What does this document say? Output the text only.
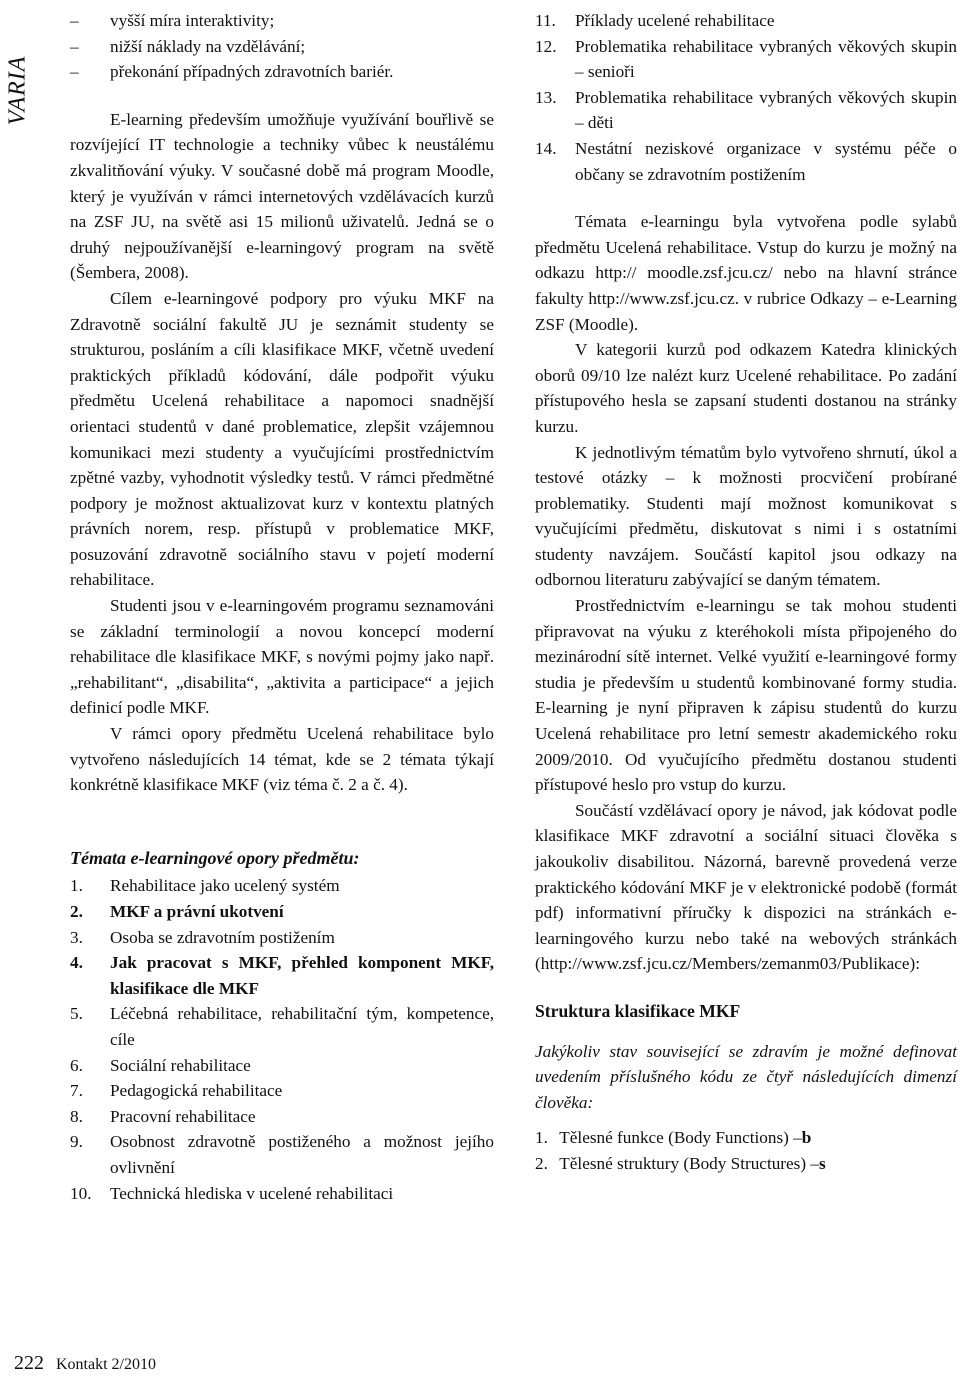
VARIA
–	vyšší míra interaktivity;
–	nižší náklady na vzdělávání;
–	překonání případných zdravotních bariér.

E-learning především umožňuje využívání bouřlivě se rozvíjející IT technologie a techniky vůbec k neustálému zkvalitňování výuky. V současné době má program Moodle, který je využíván v rámci internetových vzdělávacích kurzů na ZSF JU, na světě asi 15 milionů uživatelů. Jedná se o druhý nejpoužívanější e-learningový program na světě (Šembera, 2008).

Cílem e-learningové podpory pro výuku MKF na Zdravotně sociální fakultě JU je seznámit studenty se strukturou, posláním a cíli klasifikace MKF, včetně uvedení praktických příkladů kódování, dále podpořit výuku předmětu Ucelená rehabilitace a napomoci snadnější orientaci studentů v dané problematice, zlepšit vzájemnou komunikaci mezi studenty a vyučujícími prostřednictvím zpětné vazby, vyhodnotit výsledky testů. V rámci předmětné podpory je možnost aktualizovat kurz v kontextu platných právních norem, resp. přístupů v problematice MKF, posuzování zdravotně sociálního stavu v pojetí moderní rehabilitace.

Studenti jsou v e-learningovém programu seznamováni se základní terminologií a novou koncepcí moderní rehabilitace dle klasifikace MKF, s novými pojmy jako např. „rehabilitant“, „disabilita“, „aktivita a participace“ a jejich definicí podle MKF.

V rámci opory předmětu Ucelená rehabilitace bylo vytvořeno následujících 14 témat, kde se 2 témata týkají konkrétně klasifikace MKF (viz téma č. 2 a č. 4).

Témata e-learningové opory předmětu:
1.	Rehabilitace jako ucelený systém
2.	MKF a právní ukotvení
3.	Osoba se zdravotním postižením
4.	Jak pracovat s MKF, přehled komponent MKF, klasifikace dle MKF
5.	Léčebná rehabilitace, rehabilitační tým, kompetence, cíle
6.	Sociální rehabilitace
7.	Pedagogická rehabilitace
8.	Pracovní rehabilitace
9.	Osobnost zdravotně postiženého a možnost jejího ovlivnění
10.	Technická hlediska v ucelené rehabilitaci
11.	Příklady ucelené rehabilitace
12.	Problematika rehabilitace vybraných věkových skupin – senioři
13.	Problematika rehabilitace vybraných věkových skupin – děti
14.	Nestátní neziskové organizace v systému péče o občany se zdravotním postižením

Témata e-learningu byla vytvořena podle sylabů předmětu Ucelená rehabilitace. Vstup do kurzu je možný na odkazu http:// moodle.zsf.jcu.cz/ nebo na hlavní stránce fakulty http://www.zsf.jcu.cz. v rubrice Odkazy – e-Learning ZSF (Moodle).

V kategorii kurzů pod odkazem Katedra klinických oborů 09/10 lze nalézt kurz Ucelené rehabilitace. Po zadání přístupového hesla se zapsaní studenti dostanou na stránky kurzu.

K jednotlivým tématům bylo vytvořeno shrnutí, úkol a testové otázky – k možnosti procvičení probírané problematiky. Studenti mají možnost komunikovat s vyučujícími předmětu, diskutovat s nimi i s ostatními studenty navzájem. Součástí kapitol jsou odkazy na odbornou literaturu zabývající se daným tématem.

Prostřednictvím e-learningu se tak mohou studenti připravovat na výuku z kteréhokoli místa připojeného do mezinárodní sítě internet. Velké využití e-learningové formy studia je především u studentů kombinované formy studia. E-learning je nyní připraven k zápisu studentů do kurzu Ucelená rehabilitace pro letní semestr akademického roku 2009/2010. Od vyučujícího předmětu dostanou studenti přístupové heslo pro vstup do kurzu.

Součástí vzdělávací opory je návod, jak kódovat podle klasifikace MKF zdravotní a sociální situaci člověka s jakoukoliv disabilitou. Názorná, barevně provedená verze praktického kódování MKF je v elektronické podobě (formát pdf) informativní příručky k dispozici na stránkách e-learningového kurzu nebo také na webových stránkách (http://www.zsf.jcu.cz/Members/zemanm03/Publikace):

Struktura klasifikace MKF

Jakýkoliv stav související se zdravím je možné definovat uvedením příslušného kódu ze čtyř následujících dimenzí člověka:

1.
Tělesné funkce (Body Functions) – b
2.
Tělesné struktury (Body Structures) – s
222 Kontakt 2/2010
